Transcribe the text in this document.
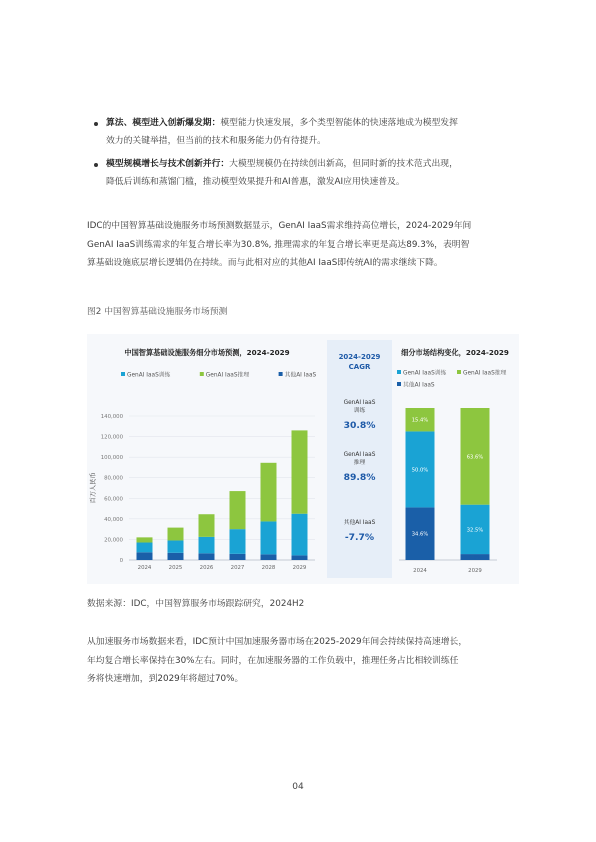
算法、模型进入创新爆发期：模型能力快速发展，多个类型智能体的快速落地成为模型发挥
效力的关键举措，但当前的技术和服务能力仍有待提升。
模型规模增长与技术创新并行：大模型规模仍在持续创出新高，但同时新的技术范式出现，
降低后训练和蒸馏门槛，推动模型效果提升和AI普惠，激发AI应用快速普及。

IDC的中国智算基础设施服务市场预测数据显示，GenAI IaaS需求维持高位增长，2024-2029年间
GenAI IaaS训练需求的年复合增长率为30.8%, 推理需求的年复合增长率更是高达89.3%，表明智
算基础设施底层增长逻辑仍在持续。而与此相对应的其他AI IaaS即传统AI的需求继续下降。

图2 中国智算基础设施服务市场预测
中国智算基础设施服务细分市场预测，2024-2029
GenAI IaaS训练	GenAI IaaS推理	其他AI IaaS
0
20,000
40,000
60,000
80,000
100,000
120,000
140,000
百万人民币
2024	2025	2026	2027	2028	2029
2024-2029
CAGR
GenAI IaaS
训练
30.8%
GenAI IaaS
推理
89.8%
其他AI IaaS
-7.7%
细分市场结构变化，2024-2029
GenAI IaaS训练	GenAI IaaS推理
其他AI IaaS
34.6%
50.0%
15.4%
2024
3.9%
32.5%
63.6%
2029
数据来源：IDC，中国智算服务市场跟踪研究，2024H2

从加速服务市场数据来看，IDC预计中国加速服务器市场在2025-2029年间会持续保持高速增长，
年均复合增长率保持在30%左右。同时，在加速服务器的工作负载中，推理任务占比相较训练任
务将快速增加，到2029年将超过70%。

04
